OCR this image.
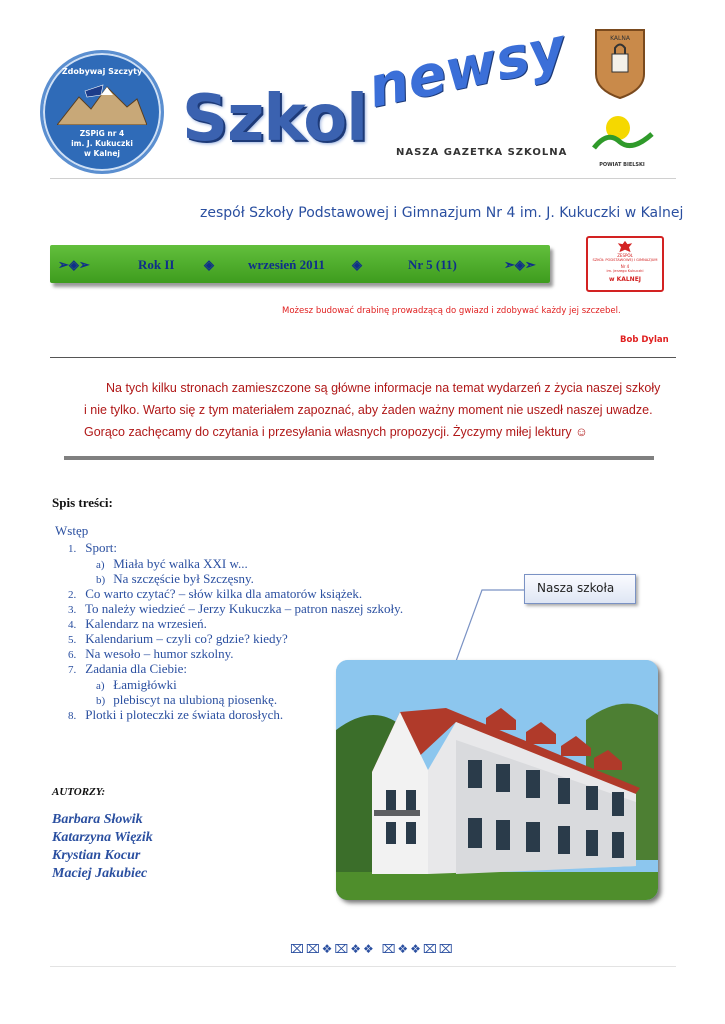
Zdobywaj Szczyty
ZSPiG nr 4
im. J. Kukuczki
w Kalnej Szkol
newsy
NASZA GAZETKA SZKOLNA
KALNA
POWIAT BIELSKI
zespół Szkoły Podstawowej i Gimnazjum Nr 4 im. J. Kukuczki w Kalnej
➢◈➢	Rok II ◈	wrzesień 2011 ◈	Nr 5 (11)	➣◈➣
ZESPÓŁ
SZKÓŁ PODSTAWOWEJ I GIMNAZJUM
Nr 4
im. Jerzego Kukuczki
w KALNEJ
Możesz budować drabinę prowadzącą do gwiazd i zdobywać każdy jej szczebel.
Bob Dylan
Na tych kilku stronach zamieszczone są główne informacje na temat wydarzeń z życia naszej szkoły
i nie tylko. Warto się z tym materiałem zapoznać, aby żaden ważny moment nie uszedł naszej uwadze.
Gorąco zachęcamy do czytania i przesyłania własnych propozycji. Życzymy miłej lektury ☺
Spis treści:
Wstęp
1. Sport:
a) Miała być walka XXI w...
b) Na szczęście był Szczęsny.
2. Co warto czytać? – słów kilka dla amatorów książek.
3. To należy wiedzieć – Jerzy Kukuczka – patron naszej szkoły.
4. Kalendarz na wrzesień.
5. Kalendarium – czyli co? gdzie? kiedy?
6. Na wesoło – humor szkolny.
7. Zadania dla Ciebie:
a) Łamigłówki
b) plebiscyt na ulubioną piosenkę.
8. Plotki i ploteczki ze świata dorosłych.
AUTORZY:
Barbara Słowik
Katarzyna Więzik
Krystian Kocur
Maciej Jakubiec
Nasza szkoła
⌧⌧❖⌧❖❖ ⌧❖❖⌧⌧
